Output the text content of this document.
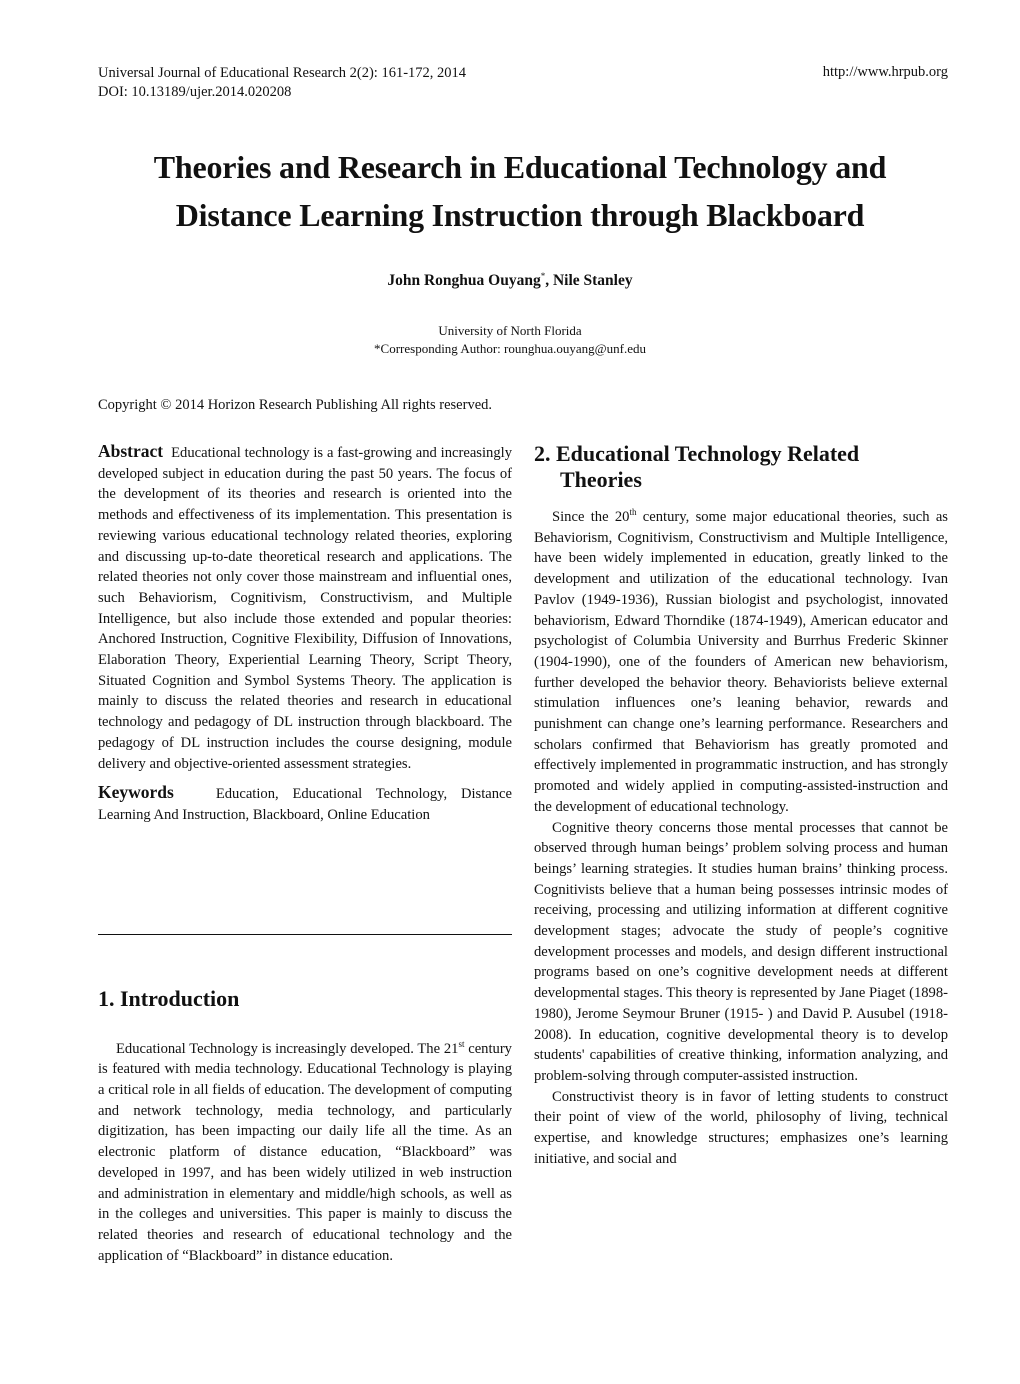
Universal Journal of Educational Research 2(2): 161-172, 2014
DOI: 10.13189/ujer.2014.020208
http://www.hrpub.org
Theories and Research in Educational Technology and
Distance Learning Instruction through Blackboard
John Ronghua Ouyang*, Nile Stanley
University of North Florida
*Corresponding Author: rounghua.ouyang@unf.edu
Copyright © 2014 Horizon Research Publishing All rights reserved.

Abstract Educational technology is a fast-growing and increasingly developed subject in education during the past 50 years. The focus of the development of its theories and research is oriented into the methods and effectiveness of its implementation. This presentation is reviewing various educational technology related theories, exploring and discussing up-to-date theoretical research and applications. The related theories not only cover those mainstream and influential ones, such Behaviorism, Cognitivism, Constructivism, and Multiple Intelligence, but also include those extended and popular theories: Anchored Instruction, Cognitive Flexibility, Diffusion of Innovations, Elaboration Theory, Experiential Learning Theory, Script Theory, Situated Cognition and Symbol Systems Theory. The application is mainly to discuss the related theories and research in educational technology and pedagogy of DL instruction through blackboard. The pedagogy of DL instruction includes the course designing, module delivery and objective-oriented assessment strategies.

Keywords	Education, Educational Technology, Distance Learning And Instruction, Blackboard, Online Education

1. Introduction

Educational Technology is increasingly developed. The 21st century is featured with media technology. Educational Technology is playing a critical role in all fields of education. The development of computing and network technology, media technology, and particularly digitization, has been impacting our daily life all the time. As an electronic platform of distance education, “Blackboard” was developed in 1997, and has been widely utilized in web instruction and administration in elementary and middle/high schools, as well as in the colleges and universities. This paper is mainly to discuss the related theories and research of educational technology and the application of “Blackboard” in distance education.

2. Educational Technology Related
Theories

Since the 20th century, some major educational theories, such as Behaviorism, Cognitivism, Constructivism and Multiple Intelligence, have been widely implemented in education, greatly linked to the development and utilization of the educational technology. Ivan Pavlov (1949-1936), Russian biologist and psychologist, innovated behaviorism, Edward Thorndike (1874-1949), American educator and psychologist of Columbia University and Burrhus Frederic Skinner (1904-1990), one of the founders of American new behaviorism, further developed the behavior theory. Behaviorists believe external stimulation influences one’s leaning behavior, rewards and punishment can change one’s learning performance. Researchers and scholars confirmed that Behaviorism has greatly promoted and effectively implemented in programmatic instruction, and has strongly promoted and widely applied in computing-assisted-instruction and the development of educational technology.

Cognitive theory concerns those mental processes that cannot be observed through human beings’ problem solving process and human beings’ learning strategies. It studies human brains’ thinking process. Cognitivists believe that a human being possesses intrinsic modes of receiving, processing and utilizing information at different cognitive development stages; advocate the study of people’s cognitive development processes and models, and design different instructional programs based on one’s cognitive development needs at different developmental stages. This theory is represented by Jane Piaget (1898-1980), Jerome Seymour Bruner (1915- ) and David P. Ausubel (1918-2008). In education, cognitive developmental theory is to develop students' capabilities of creative thinking, information analyzing, and problem-solving through computer-assisted instruction.

Constructivist theory is in favor of letting students to construct their point of view of the world, philosophy of living, technical expertise, and knowledge structures; emphasizes one’s learning initiative, and social and
